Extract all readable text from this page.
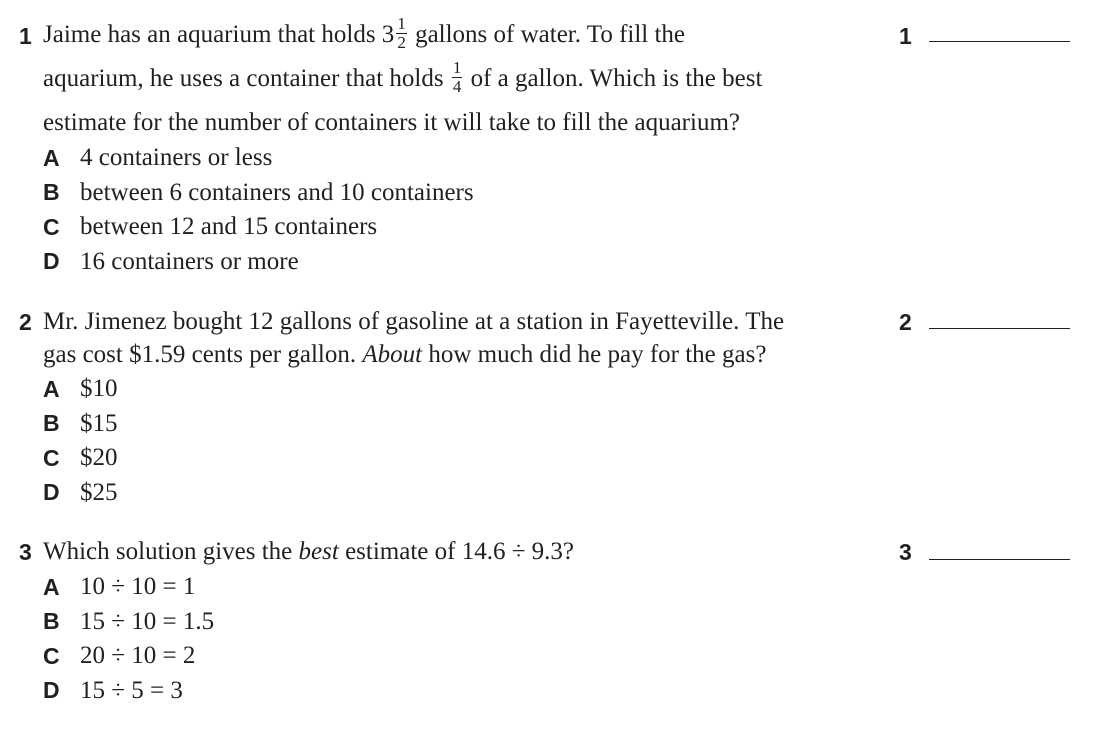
1 Jaime has an aquarium that holds $3 \frac{1}{2}$ gallons of water. To fill the
aquarium, he uses a container that holds $\frac{1}{4}$ of a gallon. Which is the best
estimate for the number of containers it will take to fill the aquarium?
1
A 4 containers or less
B between 6 containers and 10 containers
C between 12 and 15 containers
D 16 containers or more
2 Mr. Jimenez bought 12 gallons of gasoline at a station in Fayetteville. The
gas cost $1.59 cents per gallon. About how much did he pay for the gas?
2
A $10
B $15
C $20
D $25
3 Which solution gives the best estimate of 14.6 ÷ 9.3?	3
A 10 ÷ 10 = 1
B 15 ÷ 10 = 1.5
C 20 ÷ 10 = 2
D 15 ÷ 5 = 3
